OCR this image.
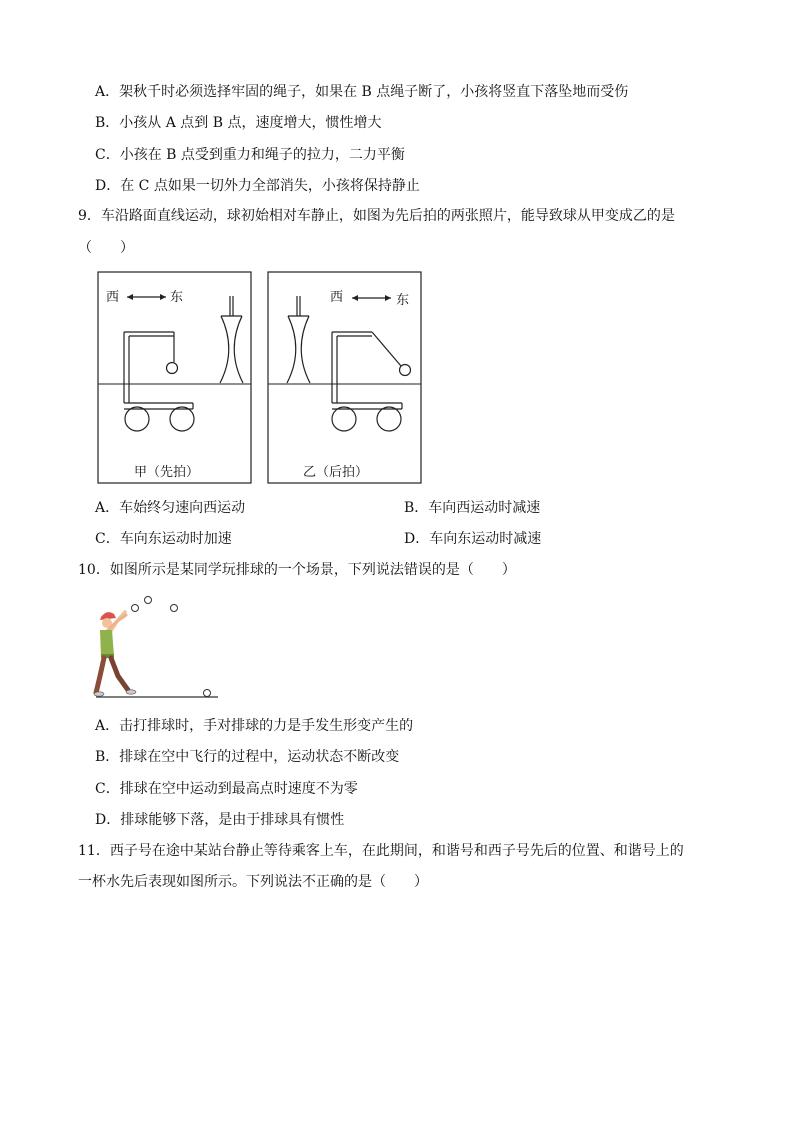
A．架秋千时必须选择牢固的绳子，如果在 B 点绳子断了，小孩将竖直下落坠地而受伤
B．小孩从 A 点到 B 点，速度增大，惯性增大
C．小孩在 B 点受到重力和绳子的拉力，二力平衡
D．在 C 点如果一切外力全部消失，小孩将保持静止
9．车沿路面直线运动，球初始相对车静止，如图为先后拍的两张照片，能导致球从甲变成乙的是
（　　）
西	东
甲（先拍）
西	东
乙（后拍）
A．车始终匀速向西运动	B．车向西运动时减速
C．车向东运动时加速	D．车向东运动时减速
10．如图所示是某同学玩排球的一个场景，下列说法错误的是（　　）
A．击打排球时，手对排球的力是手发生形变产生的
B．排球在空中飞行的过程中，运动状态不断改变
C．排球在空中运动到最高点时速度不为零
D．排球能够下落，是由于排球具有惯性
11．西子号在途中某站台静止等待乘客上车，在此期间，和谐号和西子号先后的位置、和谐号上的
一杯水先后表现如图所示。下列说法不正确的是（　　）
